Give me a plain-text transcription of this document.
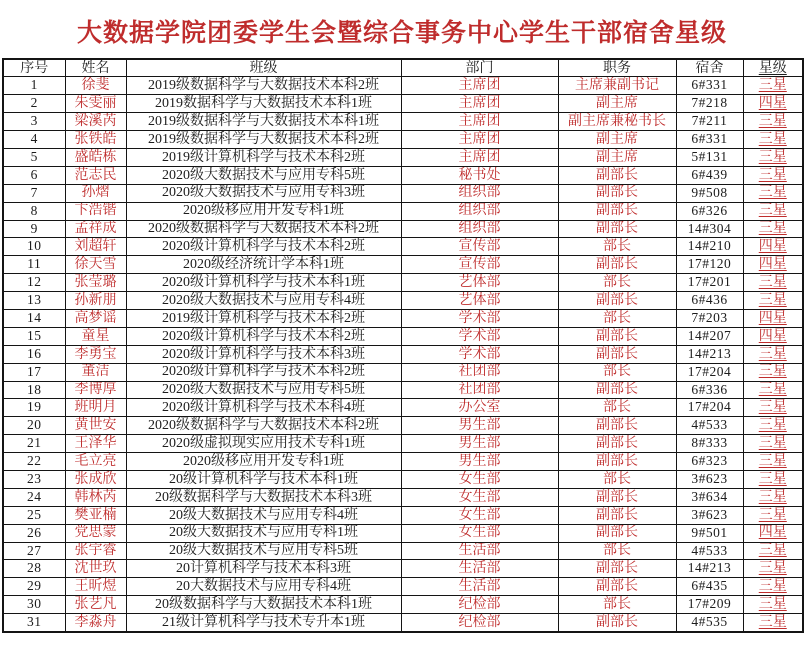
大数据学院团委学生会暨综合事务中心学生干部宿舍星级
序号	姓名	班级	部门	职务	宿舍	星级
1	徐斐	2019级数据科学与大数据技术本科2班	主席团	主席兼副书记	6#331	三星
2	朱雯丽	2019数据科学与大数据技术本科1班	主席团	副主席	7#218	四星
3	梁溪芮	2019级数据科学与大数据技术本科1班	主席团	副主席兼秘书长	7#211	三星
4	张铁皓	2019级数据科学与大数据技术本科2班	主席团	副主席	6#331	三星
5	盛皓栋	2019级计算机科学与技术本科2班	主席团	副主席	5#131	三星
6	范志民	2020级大数据技术与应用专科5班	秘书处	副部长	6#439	三星
7	孙熠	2020级大数据技术与应用专科3班	组织部	副部长	9#508	三星
8	卞浩锴	2020级移应用开发专科1班	组织部	副部长	6#326	三星
9	孟祥成	2020级数据科学与大数据技术本科2班	组织部	副部长	14#304	三星
10	刘超轩	2020级计算机科学与技术本科2班	宣传部	部长	14#210	四星
11	徐天雪	2020级经济统计学本科1班	宣传部	副部长	17#120	四星
12	张莹璐	2020级计算机科学与技术本科1班	艺体部	部长	17#201	三星
13	孙新朋	2020级大数据技术与应用专科4班	艺体部	副部长	6#436	三星
14	高梦谣	2019级计算机科学与技术本科2班	学术部	部长	7#203	四星
15	童星	2020级计算机科学与技术本科2班	学术部	副部长	14#207	四星
16	李勇宝	2020级计算机科学与技术本科3班	学术部	副部长	14#213	三星
17	董洁	2020级计算机科学与技术本科2班	社团部	部长	17#204	三星
18	李博厚	2020级大数据技术与应用专科5班	社团部	副部长	6#336	三星
19	班明月	2020级计算机科学与技术本科4班	办公室	部长	17#204	三星
20	黄世安	2020级数据科学与大数据技术本科2班	男生部	副部长	4#533	三星
21	王泽华	2020级虚拟现实应用技术专科1班	男生部	副部长	8#333	三星
22	毛立亮	2020级移应用开发专科1班	男生部	副部长	6#323	三星
23	张成欣	20级计算机科学与技术本科1班	女生部	部长	3#623	三星
24	韩林芮	20级数据科学与大数据技术本科3班	女生部	副部长	3#634	三星
25	樊亚楠	20级大数据技术与应用专科4班	女生部	副部长	3#623	三星
26	党思蒙	20级大数据技术与应用专科1班	女生部	副部长	9#501	四星
27	张宇睿	20级大数据技术与应用专科5班	生活部	部长	4#533	三星
28	沈世玖	20计算机科学与技术本科3班	生活部	副部长	14#213	三星
29	王昕煜	20大数据技术与应用专科4班	生活部	副部长	6#435	三星
30	张艺凡	20级数据科学与大数据技术本科1班	纪检部	部长	17#209	三星
31	李淼舟	21级计算机科学与技术专升本1班	纪检部	副部长	4#535	三星
